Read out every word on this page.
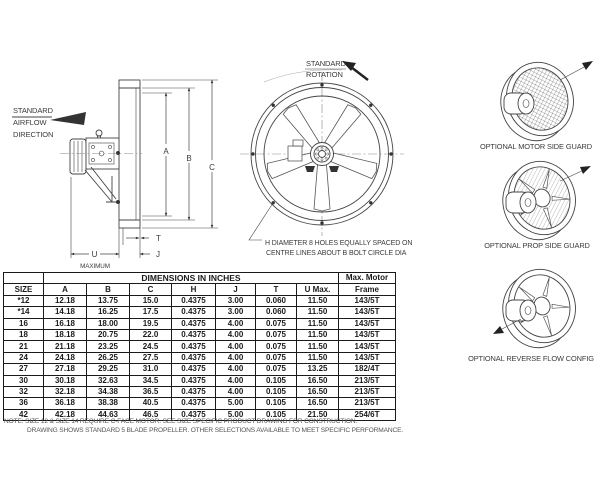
STANDARD
AIRFLOW
DIRECTION
A
B
C
T
U
MAXIMUM
J
STANDARD
ROTATION
H DIAMETER 8 HOLES EQUALLY SPACED ON
CENTRE LINES ABOUT B BOLT CIRCLE DIA
OPTIONAL MOTOR SIDE GUARD
OPTIONAL PROP SIDE GUARD
OPTIONAL REVERSE FLOW CONFIG
	DIMENSIONS IN INCHES							Max. Motor
SIZE	A	B	C	H	J	T	U Max.	Frame
*12	12.18	13.75	15.0	0.4375	3.00	0.060	11.50	143/5T
*14	14.18	16.25	17.5	0.4375	3.00	0.060	11.50	143/5T
16	16.18	18.00	19.5	0.4375	4.00	0.075	11.50	143/5T
18	18.18	20.75	22.0	0.4375	4.00	0.075	11.50	143/5T
21	21.18	23.25	24.5	0.4375	4.00	0.075	11.50	143/5T
24	24.18	26.25	27.5	0.4375	4.00	0.075	11.50	143/5T
27	27.18	29.25	31.0	0.4375	4.00	0.075	13.25	182/4T
30	30.18	32.63	34.5	0.4375	4.00	0.105	16.50	213/5T
32	32.18	34.38	36.5	0.4375	4.00	0.105	16.50	213/5T
36	36.18	38.38	40.5	0.4375	5.00	0.105	16.50	213/5T
42	42.18	44.63	46.5	0.4375	5.00	0.105	21.50	254/6T
NOTE: SIZE 12 & SIZE 14 REQUIRE C-FACE MOTOR. SEE SIZE SPECIFIC PRODUCT DRAWING FOR CONSTRUCTION.
DRAWING SHOWS STANDARD 5 BLADE PROPELLER. OTHER SELECTIONS AVAILABLE TO MEET SPECIFIC PERFORMANCE.
